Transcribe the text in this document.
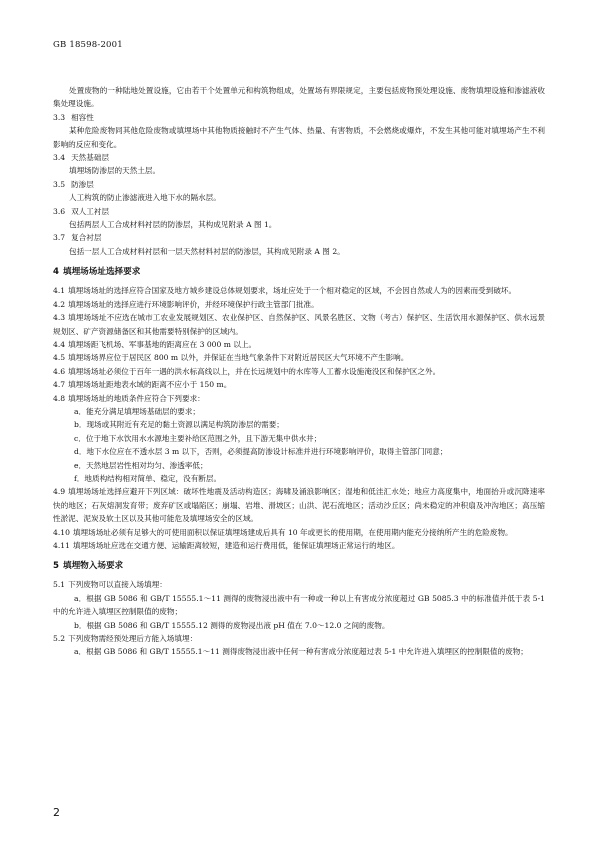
GB 18598-2001

处置废物的一种陆地处置设施，它由若干个处置单元和构筑物组成，处置场有界限规定，主要包括废物预处理设施、废物填埋设施和渗滤液收集处理设施。

3.3 相容性

某种危险废物同其他危险废物或填埋场中其他物质接触时不产生气体、热量、有害物质，不会燃烧或爆炸，不发生其他可能对填埋场产生不利影响的反应和变化。

3.4 天然基础层

填埋场防渗层的天然土层。

3.5 防渗层

人工构筑的防止渗滤液进入地下水的隔水层。

3.6 双人工衬层

包括两层人工合成材料衬层的防渗层，其构成见附录 A 图 1。

3.7 复合衬层

包括一层人工合成材料衬层和一层天然材料衬层的防渗层，其构成见附录 A 图 2。

4 填埋场场址选择要求

4.1 填埋场场址的选择应符合国家及地方城乡建设总体规划要求，场址应处于一个相对稳定的区域，不会因自然或人为的因素而受到破坏。

4.2 填埋场场址的选择应进行环境影响评价，并经环境保护行政主管部门批准。

4.3 填埋场场址不应选在城市工农业发展规划区、农业保护区、自然保护区、风景名胜区、文物（考古）保护区、生活饮用水源保护区、供水远景规划区、矿产资源储备区和其他需要特别保护的区域内。

4.4 填埋场距飞机场、军事基地的距离应在 3 000 m 以上。

4.5 填埋场场界应位于居民区 800 m 以外，并保证在当地气象条件下对附近居民区大气环境不产生影响。

4.6 填埋场场址必须位于百年一遇的洪水标高线以上，并在长远规划中的水库等人工蓄水设施淹没区和保护区之外。

4.7 填埋场场址距地表水域的距离不应小于 150 m。

4.8 填埋场场址的地质条件应符合下列要求：

a．能充分满足填埋场基础层的要求；

b．现场或其附近有充足的黏土资源以满足构筑防渗层的需要；

c．位于地下水饮用水水源地主要补给区范围之外，且下游无集中供水井；

d．地下水位应在不透水层 3 m 以下，否则，必须提高防渗设计标准并进行环境影响评价，取得主管部门同意；

e．天然地层岩性相对均匀、渗透率低；

f．地质构结构相对简单、稳定，没有断层。

4.9 填埋场场址选择应避开下列区域：破坏性地震及活动构造区；海啸及涌浪影响区；湿地和低洼汇水处；地应力高度集中，地面抬升或沉降速率快的地区；石灰熔洞发育带；废弃矿区或塌陷区；崩塌、岩堆、滑坡区；山洪、泥石流地区；活动沙丘区；尚未稳定的冲积扇及冲沟地区；高压缩性淤泥、泥炭及软土区以及其他可能危及填埋场安全的区域。

4.10 填埋场场址必须有足够大的可使用面积以保证填埋场建成后具有 10 年或更长的使用期，在使用期内能充分接纳所产生的危险废物。

4.11 填埋场场址应选在交通方便、运输距离较短，建造和运行费用低，能保证填埋场正常运行的地区。

5 填埋物入场要求

5.1 下列废物可以直接入场填埋：

a．根据 GB 5086 和 GB/T 15555.1～11 测得的废物浸出液中有一种或一种以上有害成分浓度超过 GB 5085.3 中的标准值并低于表 5-1 中的允许进入填埋区控制限值的废物；

b．根据 GB 5086 和 GB/T 15555.12 测得的废物浸出液 pH 值在 7.0～12.0 之间的废物。

5.2 下列废物需经预处理后方能入场填埋：

a．根据 GB 5086 和 GB/T 15555.1～11 测得废物浸出液中任何一种有害成分浓度超过表 5-1 中允许进入填埋区的控制限值的废物；

2
